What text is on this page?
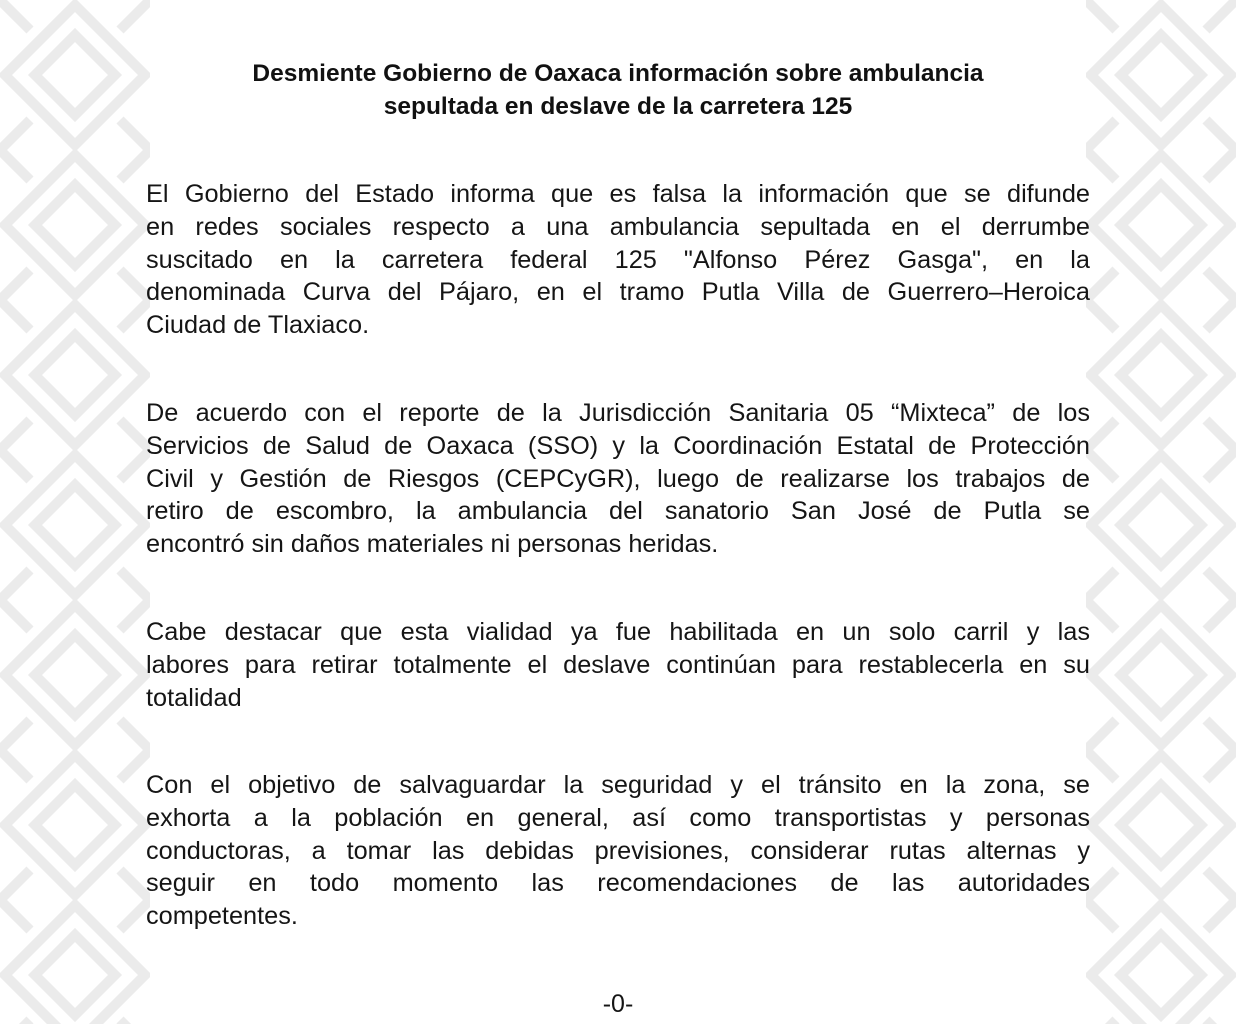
Desmiente Gobierno de Oaxaca información sobre ambulancia
sepultada en deslave de la carretera 125

El Gobierno del Estado informa que es falsa la información que se difunde
en redes sociales respecto a una ambulancia sepultada en el derrumbe
suscitado en la carretera federal 125 "Alfonso Pérez Gasga", en la
denominada Curva del Pájaro, en el tramo Putla Villa de Guerrero–Heroica
Ciudad de Tlaxiaco.

De acuerdo con el reporte de la Jurisdicción Sanitaria 05 “Mixteca” de los
Servicios de Salud de Oaxaca (SSO) y la Coordinación Estatal de Protección
Civil y Gestión de Riesgos (CEPCyGR), luego de realizarse los trabajos de
retiro de escombro, la ambulancia del sanatorio San José de Putla se
encontró sin daños materiales ni personas heridas.

Cabe destacar que esta vialidad ya fue habilitada en un solo carril y las
labores para retirar totalmente el deslave continúan para restablecerla en su
totalidad

Con el objetivo de salvaguardar la seguridad y el tránsito en la zona, se
exhorta a la población en general, así como transportistas y personas
conductoras, a tomar las debidas previsiones, considerar rutas alternas y
seguir en todo momento las recomendaciones de las autoridades
competentes.

-0-
